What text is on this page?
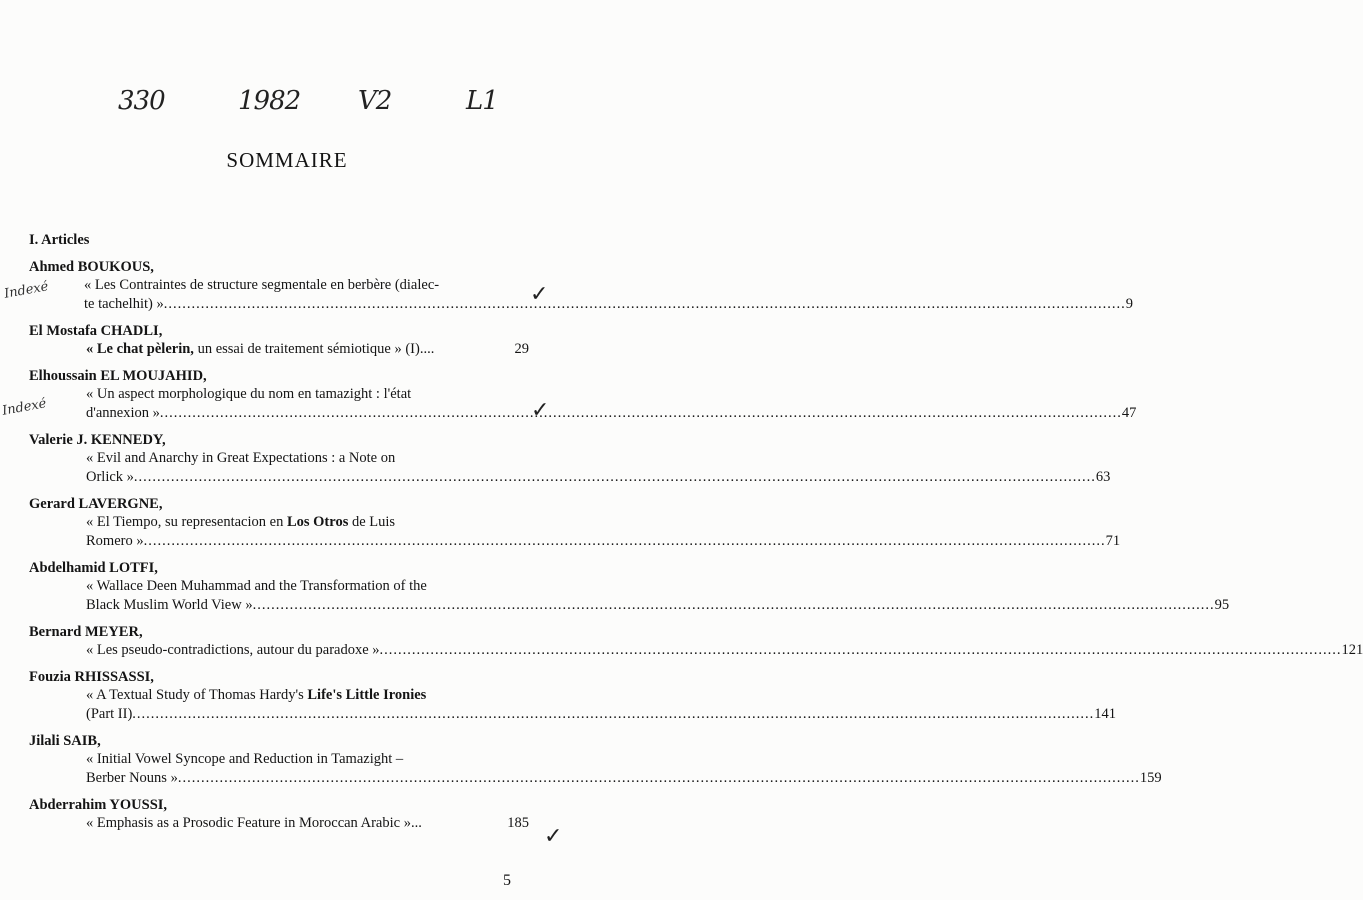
330	1982 V2	L1
Indexé
Indexé
✓
✓
✓
SOMMAIRE
I. Articles
Ahmed BOUKOUS,
« Les Contraintes de structure segmentale en berbère (dialec-
te tachelhit) » .....	9
El Mostafa CHADLI,
« Le chat pèlerin, un essai de traitement sémiotique » (I)....	29
Elhoussain EL MOUJAHID,
« Un aspect morphologique du nom en tamazight : l'état
d'annexion » .....	47
Valerie J. KENNEDY,
« Evil and Anarchy in Great Expectations : a Note on
Orlick » .....	63
Gerard LAVERGNE,
« El Tiempo, su representacion en Los Otros de Luis
Romero » .....	71
Abdelhamid LOTFI,
« Wallace Deen Muhammad and the Transformation of the
Black Muslim World View » .....	95
Bernard MEYER,
« Les pseudo-contradictions, autour du paradoxe » .....	121
Fouzia RHISSASSI,
« A Textual Study of Thomas Hardy's Life's Little Ironies
(Part II) .....	141
Jilali SAIB,
« Initial Vowel Syncope and Reduction in Tamazight –
Berber Nouns » .....	159
Abderrahim YOUSSI,
« Emphasis as a Prosodic Feature in Moroccan Arabic »...	185
5
